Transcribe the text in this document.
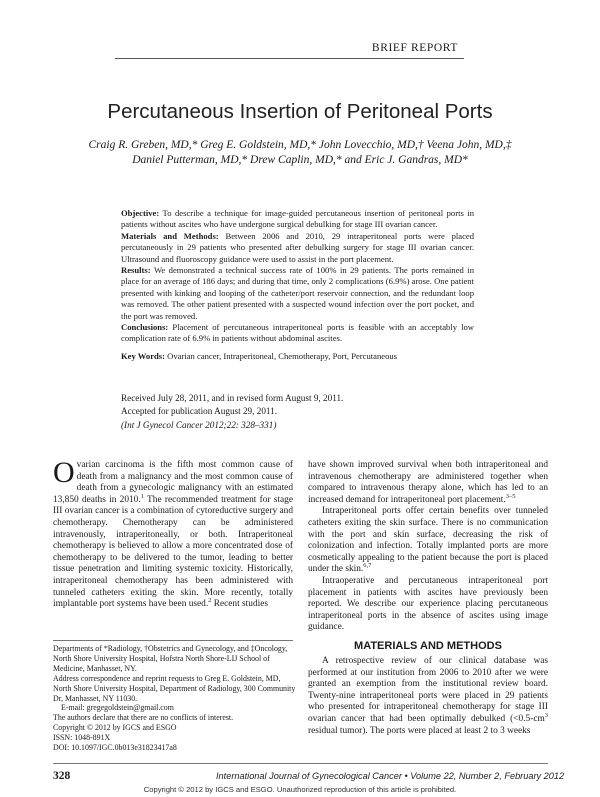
BRIEF REPORT
Percutaneous Insertion of Peritoneal Ports
Craig R. Greben, MD,* Greg E. Goldstein, MD,* John Lovecchio, MD,† Veena John, MD,‡
Daniel Putterman, MD,* Drew Caplin, MD,* and Eric J. Gandras, MD*

Objective: To describe a technique for image-guided percutaneous insertion of peritoneal ports in patients without ascites who have undergone surgical debulking for stage III ovarian cancer.

Materials and Methods: Between 2006 and 2010, 29 intraperitoneal ports were placed percutaneously in 29 patients who presented after debulking surgery for stage III ovarian cancer. Ultrasound and fluoroscopy guidance were used to assist in the port placement.

Results: We demonstrated a technical success rate of 100% in 29 patients. The ports remained in place for an average of 186 days; and during that time, only 2 complications (6.9%) arose. One patient presented with kinking and looping of the catheter/port reservoir connection, and the redundant loop was removed. The other patient presented with a suspected wound infection over the port pocket, and the port was removed.

Conclusions: Placement of percutaneous intraperitoneal ports is feasible with an acceptably low complication rate of 6.9% in patients without abdominal ascites.

Key Words: Ovarian cancer, Intraperitoneal, Chemotherapy, Port, Percutaneous

Received July 28, 2011, and in revised form August 9, 2011.

Accepted for publication August 29, 2011.

(Int J Gynecol Cancer 2012;22: 328–331)

Ovarian carcinoma is the fifth most common cause of death from a malignancy and the most common cause of death from a gynecologic malignancy with an estimated 13,850 deaths in 2010.$^1$ The recommended treatment for stage III ovarian cancer is a combination of cytoreductive surgery and chemotherapy. Chemotherapy can be administered intravenously, intraperitoneally, or both. Intraperitoneal chemotherapy is believed to allow a more concentrated dose of chemotherapy to be delivered to the tumor, leading to better tissue penetration and limiting systemic toxicity. Historically, intraperitoneal chemotherapy has been administered with tunneled catheters exiting the skin. More recently, totally implantable port systems have been used.$^2$ Recent studies

have shown improved survival when both intraperitoneal and intravenous chemotherapy are administered together when compared to intravenous therapy alone, which has led to an increased demand for intraperitoneal port placement.$^{3-5}$

Intraperitoneal ports offer certain benefits over tunneled catheters exiting the skin surface. There is no communication with the port and skin surface, decreasing the risk of colonization and infection. Totally implanted ports are more cosmetically appealing to the patient because the port is placed under the skin.$^{6,7}$

Intraoperative and percutaneous intraperitoneal port placement in patients with ascites have previously been reported. We describe our experience placing percutaneous intraperitoneal ports in the absence of ascites using image guidance.

Departments of *Radiology, †Obstetrics and Gynecology, and ‡Oncology, North Shore University Hospital, Hofstra North Shore-LIJ School of Medicine, Manhasset, NY.

Address correspondence and reprint requests to Greg E. Goldstein, MD, North Shore University Hospital, Department of Radiology, 300 Community Dr, Manhasset, NY 11030.

E-mail: gregegoldstein@gmail.com

The authors declare that there are no conflicts of interest.

Copyright © 2012 by IGCS and ESGO

ISSN: 1048-891X

DOI: 10.1097/IGC.0b013e31823417a8

MATERIALS AND METHODS

A retrospective review of our clinical database was performed at our institution from 2006 to 2010 after we were granted an exemption from the institutional review board. Twenty-nine intraperitoneal ports were placed in 29 patients who presented for intraperitoneal chemotherapy for stage III ovarian cancer that had been optimally debulked ($<0.5-cm^3$ residual tumor). The ports were placed at least 2 to 3 weeks

328	International Journal of Gynecological Cancer • Volume 22, Number 2, February 2012
Copyright © 2012 by IGCS and ESGO. Unauthorized reproduction of this article is prohibited.
